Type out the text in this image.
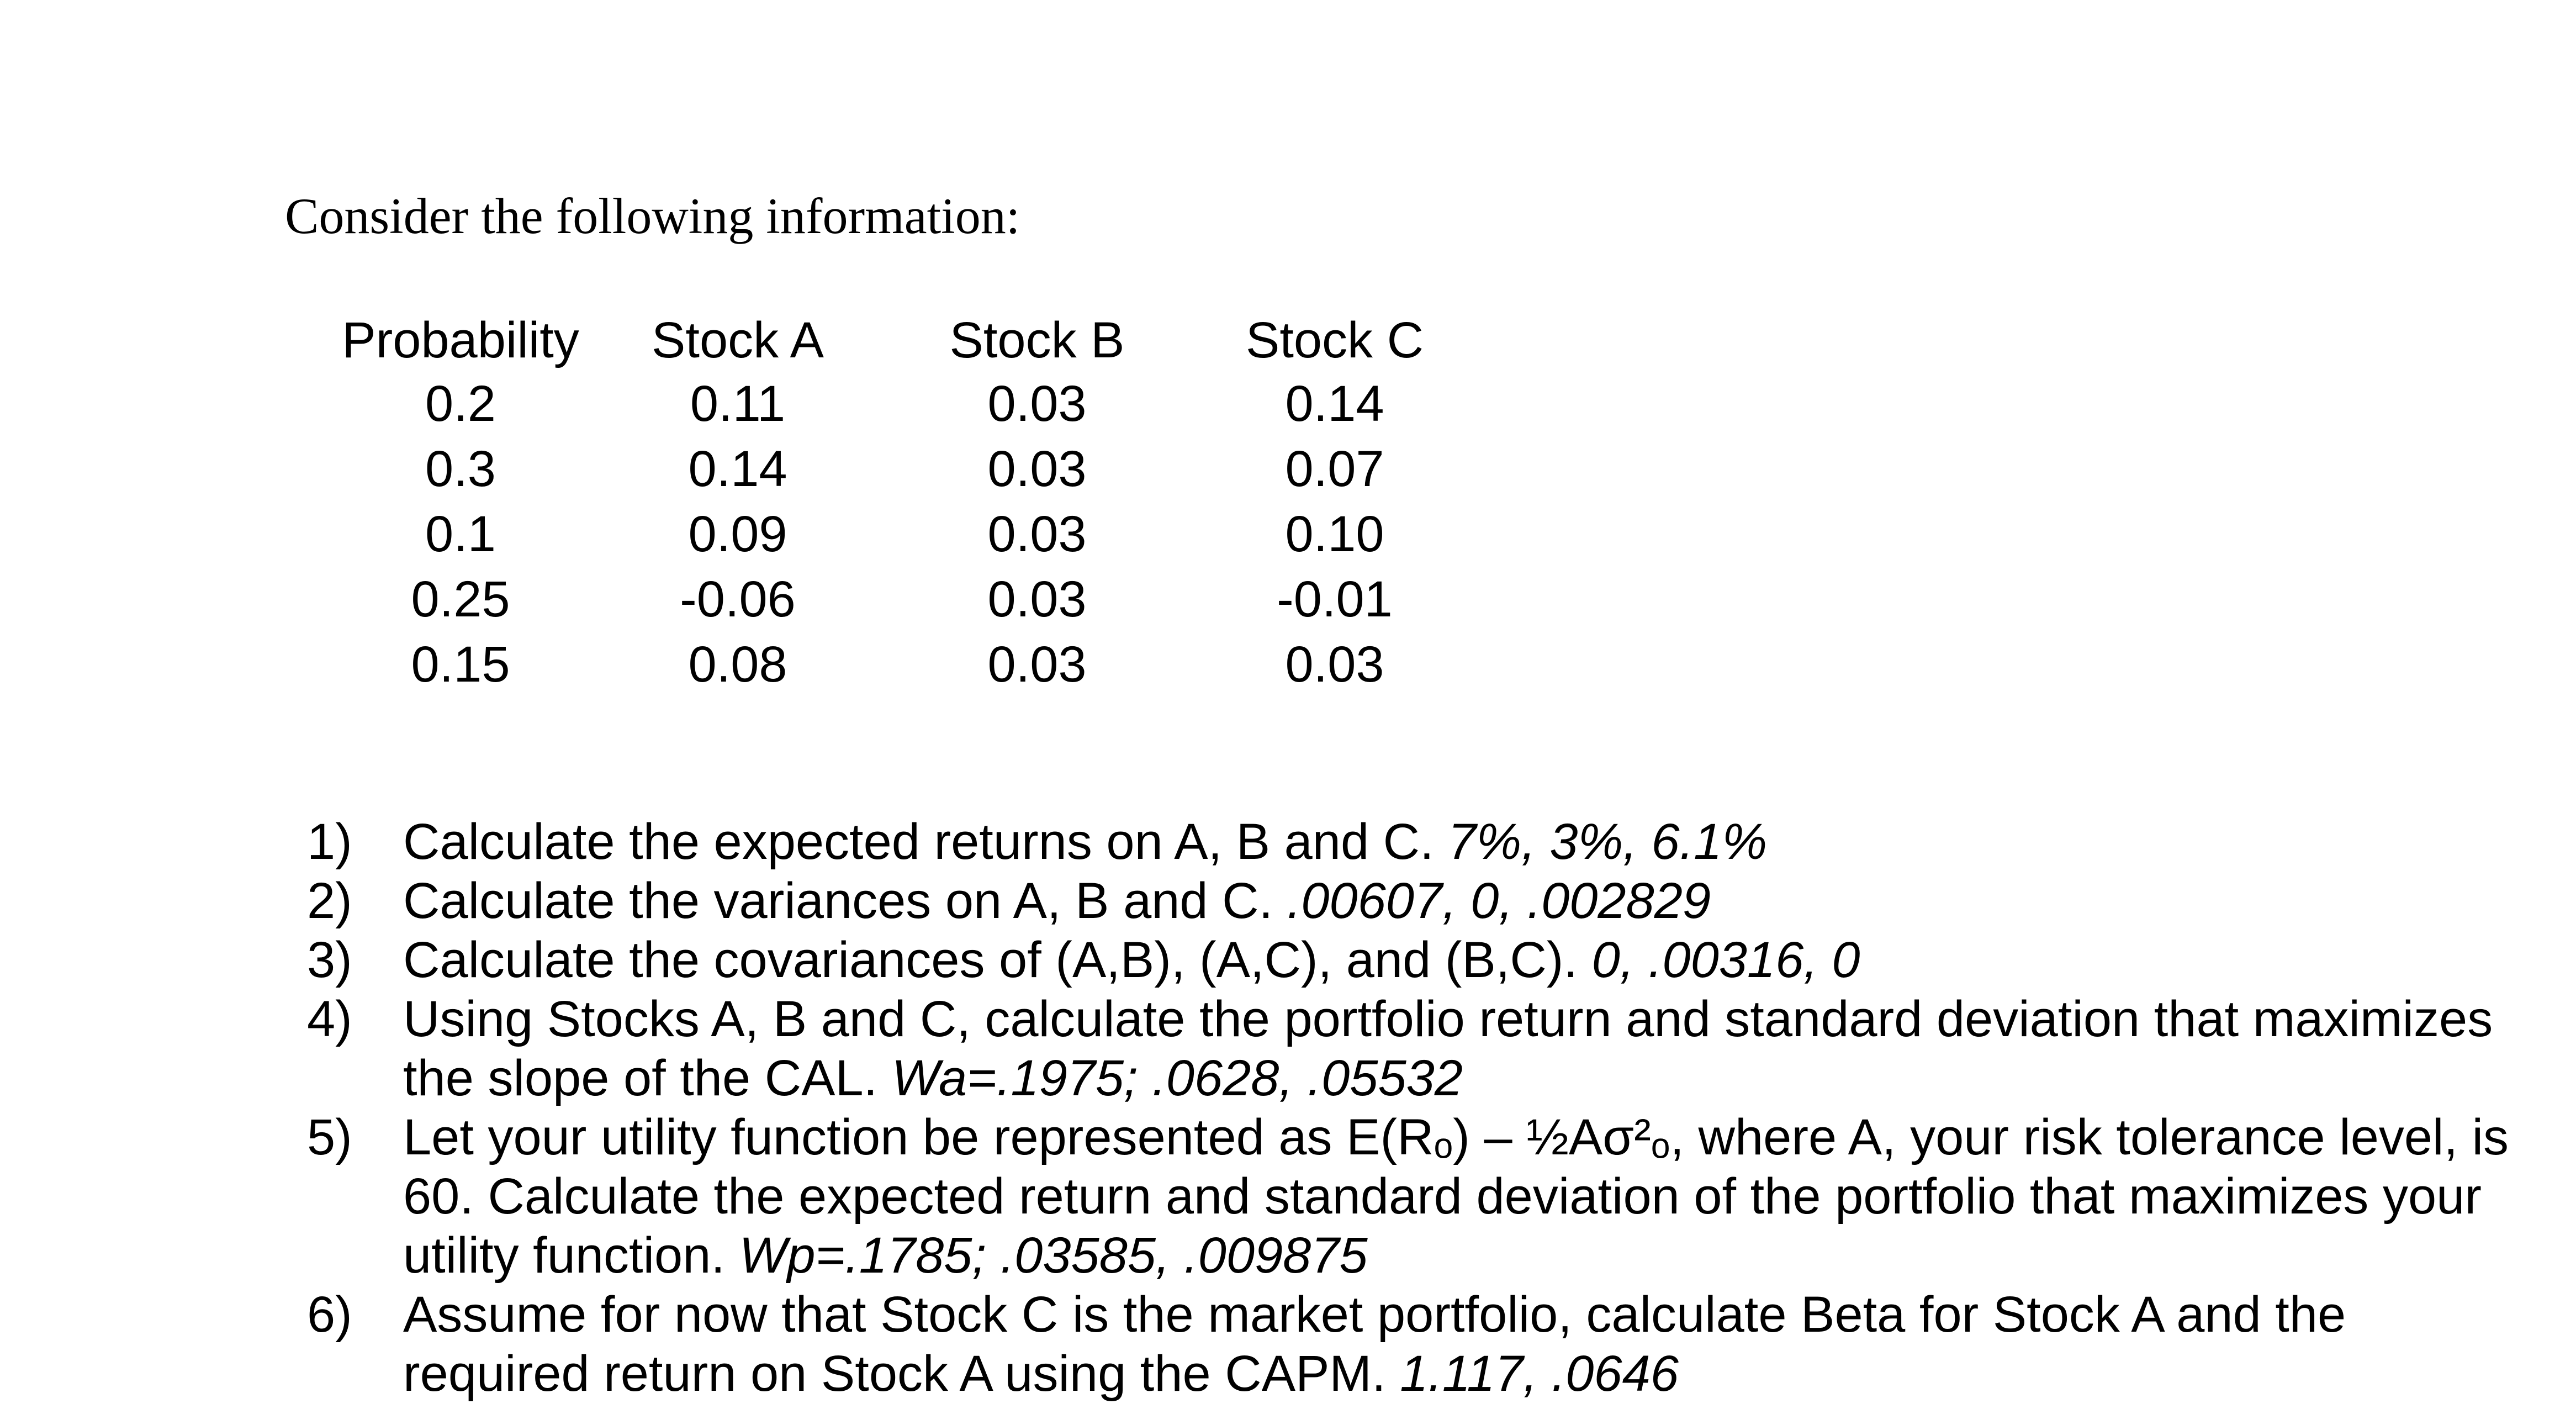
Consider the following information:
Probability	Stock A	Stock B	Stock C
0.2	0.11	0.03	0.14
0.3	0.14	0.03	0.07
0.1	0.09	0.03	0.10
0.25	-0.06	0.03	-0.01
0.15	0.08	0.03	0.03
1)	Calculate the expected returns on A, B and C. 7%, 3%, 6.1%
2)	Calculate the variances on A, B and C. .00607, 0, .002829
3)	Calculate the covariances of (A,B), (A,C), and (B,C). 0, .00316, 0
4)	Using Stocks A, B and C, calculate the portfolio return and standard deviation that maximizes the slope of the CAL. Wa=.1975; .0628, .05532
5)	Let your utility function be represented as E(Rₒ) – ½Aσ²ₒ, where A, your risk tolerance level, is 60. Calculate the expected return and standard deviation of the portfolio that maximizes your utility function. Wp=.1785; .03585, .009875
6)	Assume for now that Stock C is the market portfolio, calculate Beta for Stock A and the required return on Stock A using the CAPM. 1.117, .0646
